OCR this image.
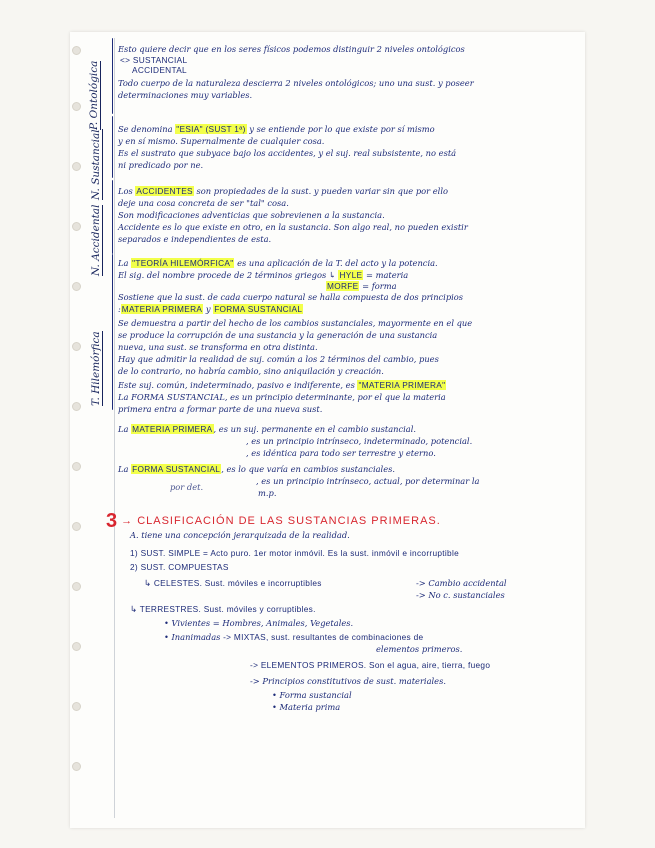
P. Ontológica
N. Sustancial
N. Accidental
T. Hilemórfica
Esto quiere decir que en los seres físicos podemos distinguir 2 niveles ontológicos
<> SUSTANCIAL
ACCIDENTAL
Todo cuerpo de la naturaleza descierra 2 niveles ontológicos; uno una sust. y poseer
determinaciones muy variables.
Se denomina "ESIA" (SUST 1ª) y se entiende por lo que existe por sí mismo
y en sí mismo. Supernalmente de cualquier cosa.
Es el sustrato que subyace bajo los accidentes, y el suj. real subsistente, no está
ni predicado por ne.
Los ACCIDENTES son propiedades de la sust. y pueden variar sin que por ello
deje una cosa concreta de ser "tal" cosa.
Son modificaciones adventicias que sobrevienen a la sustancia.
Accidente es lo que existe en otro, en la sustancia. Son algo real, no pueden existir
separados e independientes de esta.
La "TEORÍA HILEMÓRFICA" es una aplicación de la T. del acto y la potencia.
El sig. del nombre procede de 2 términos griegos ↳ HYLE = materia
MORFE = forma
Sostiene que la sust. de cada cuerpo natural se halla compuesta de dos principios
:MATERIA PRIMERA y FORMA SUSTANCIAL
Se demuestra a partir del hecho de los cambios sustanciales, mayormente en el que
se produce la corrupción de una sustancia y la generación de una sustancia
nueva, una sust. se transforma en otra distinta.
Hay que admitir la realidad de suj. común a los 2 términos del cambio, pues
de lo contrario, no habría cambio, sino aniquilación y creación.
Este suj. común, indeterminado, pasivo e indiferente, es "MATERIA PRIMERA"
La FORMA SUSTANCIAL, es un principio determinante, por el que la materia
primera entra a formar parte de una nueva sust.
La MATERIA PRIMERA, es un suj. permanente en el cambio sustancial.
, es un principio intrínseco, indeterminado, potencial.
, es idéntica para todo ser terrestre y eterno.
La FORMA SUSTANCIAL, es lo que varía en cambios sustanciales.
, es un principio intrínseco, actual, por determinar la
m.p.
por det.
3 → CLASIFICACIÓN DE LAS SUSTANCIAS PRIMERAS.
A. tiene una concepción jerarquizada de la realidad.
1) SUST. SIMPLE = Acto puro. 1er motor inmóvil. Es la sust. inmóvil e incorruptible
2) SUST. COMPUESTAS
↳ CELESTES. Sust. móviles e incorruptibles	-> Cambio accidental
-> No c. sustanciales
↳ TERRESTRES. Sust. móviles y corruptibles.
• Vivientes = Hombres, Animales, Vegetales.
• Inanimadas -> MIXTAS, sust. resultantes de combinaciones de
elementos primeros.
-> ELEMENTOS PRIMEROS. Son el agua, aire, tierra, fuego
-> Principios constitutivos de sust. materiales.
• Forma sustancial
• Materia prima
